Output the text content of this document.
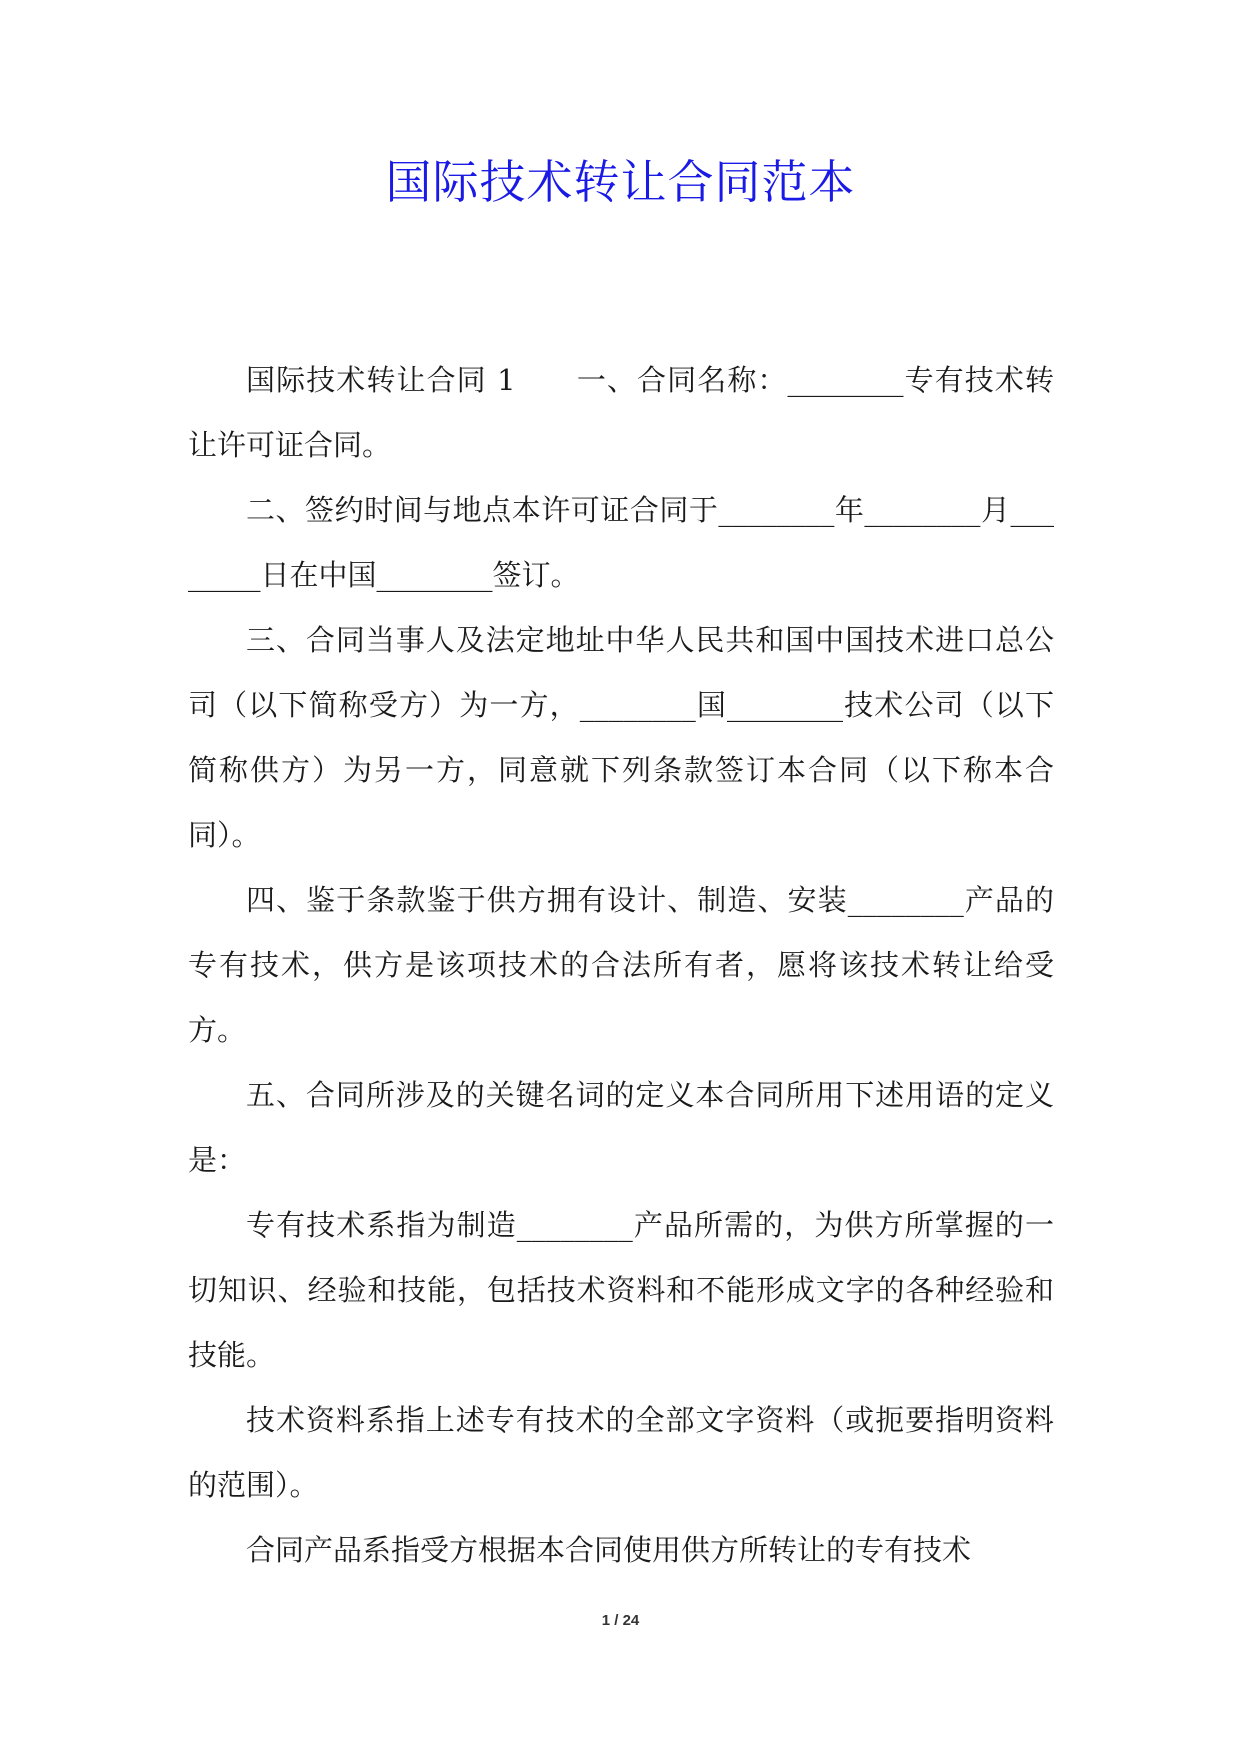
国际技术转让合同范本

国际技术转让合同 1　　一、合同名称：________专有技术转让许可证合同。

二、签约时间与地点本许可证合同于________年________月________日在中国________签订。

三、合同当事人及法定地址中华人民共和国中国技术进口总公司（以下简称受方）为一方，________国________技术公司（以下简称供方）为另一方，同意就下列条款签订本合同（以下称本合同）。

四、鉴于条款鉴于供方拥有设计、制造、安装________产品的专有技术，供方是该项技术的合法所有者，愿将该技术转让给受方。

五、合同所涉及的关键名词的定义本合同所用下述用语的定义是：

专有技术系指为制造________产品所需的，为供方所掌握的一切知识、经验和技能，包括技术资料和不能形成文字的各种经验和技能。

技术资料系指上述专有技术的全部文字资料（或扼要指明资料的范围）。

合同产品系指受方根据本合同使用供方所转让的专有技术

1 / 24
